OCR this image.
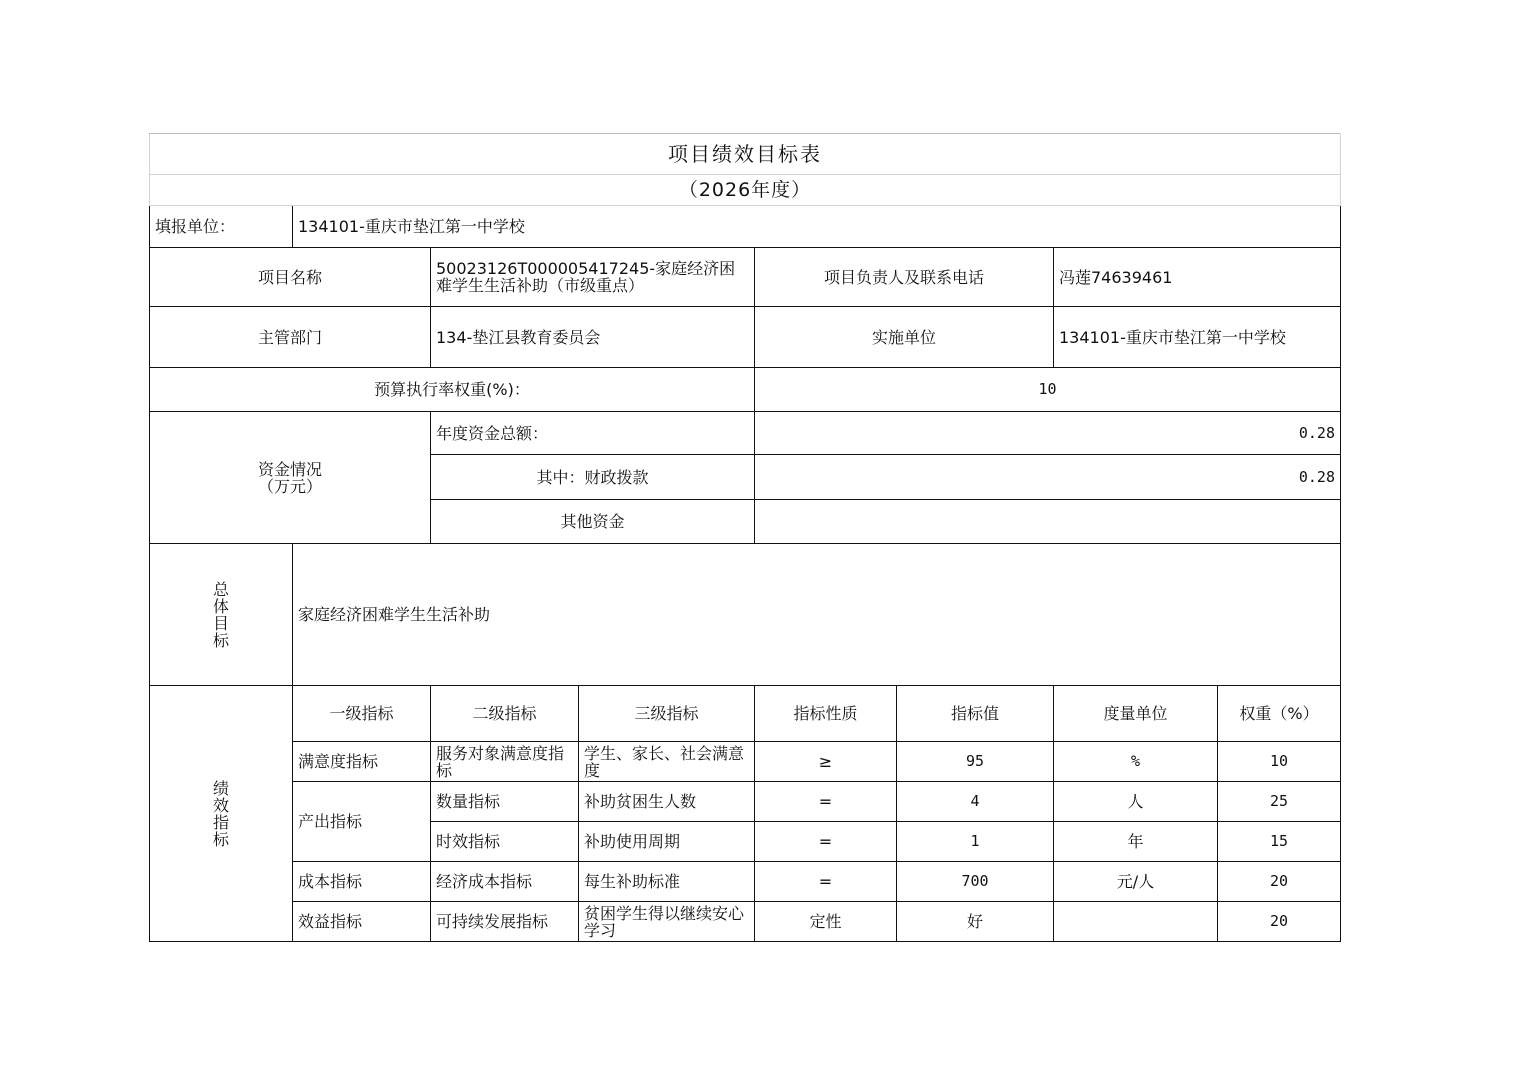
项目绩效目标表							
（2026年度）							
填报单位：	134101-重庆市垫江第一中学校						
项目名称		50023126T000005417245-家庭经济困难学生生活补助（市级重点）		项目负责人及联系电话		冯莲74639461	
主管部门		134-垫江县教育委员会		实施单位		134101-重庆市垫江第一中学校	
预算执行率权重(%)：				10			
资金情况
（万元）		年度资金总额：		0.28			
		其中：财政拨款		0.28			
		其他资金					

总
体
目
标	家庭经济困难学生生活补助						

绩
效
指
标	一级指标	二级指标	三级指标	指标性质	指标值	度量单位	权重（%）
	满意度指标	服务对象满意度指标	学生、家长、社会满意度	≥	95	%	10
	产出指标	数量指标	补助贫困生人数	=	4	人	25
		时效指标	补助使用周期	=	1	年	15
	成本指标	经济成本指标	每生补助标准	=	700	元/人	20
	效益指标	可持续发展指标	贫困学生得以继续安心学习	定性	好		20
